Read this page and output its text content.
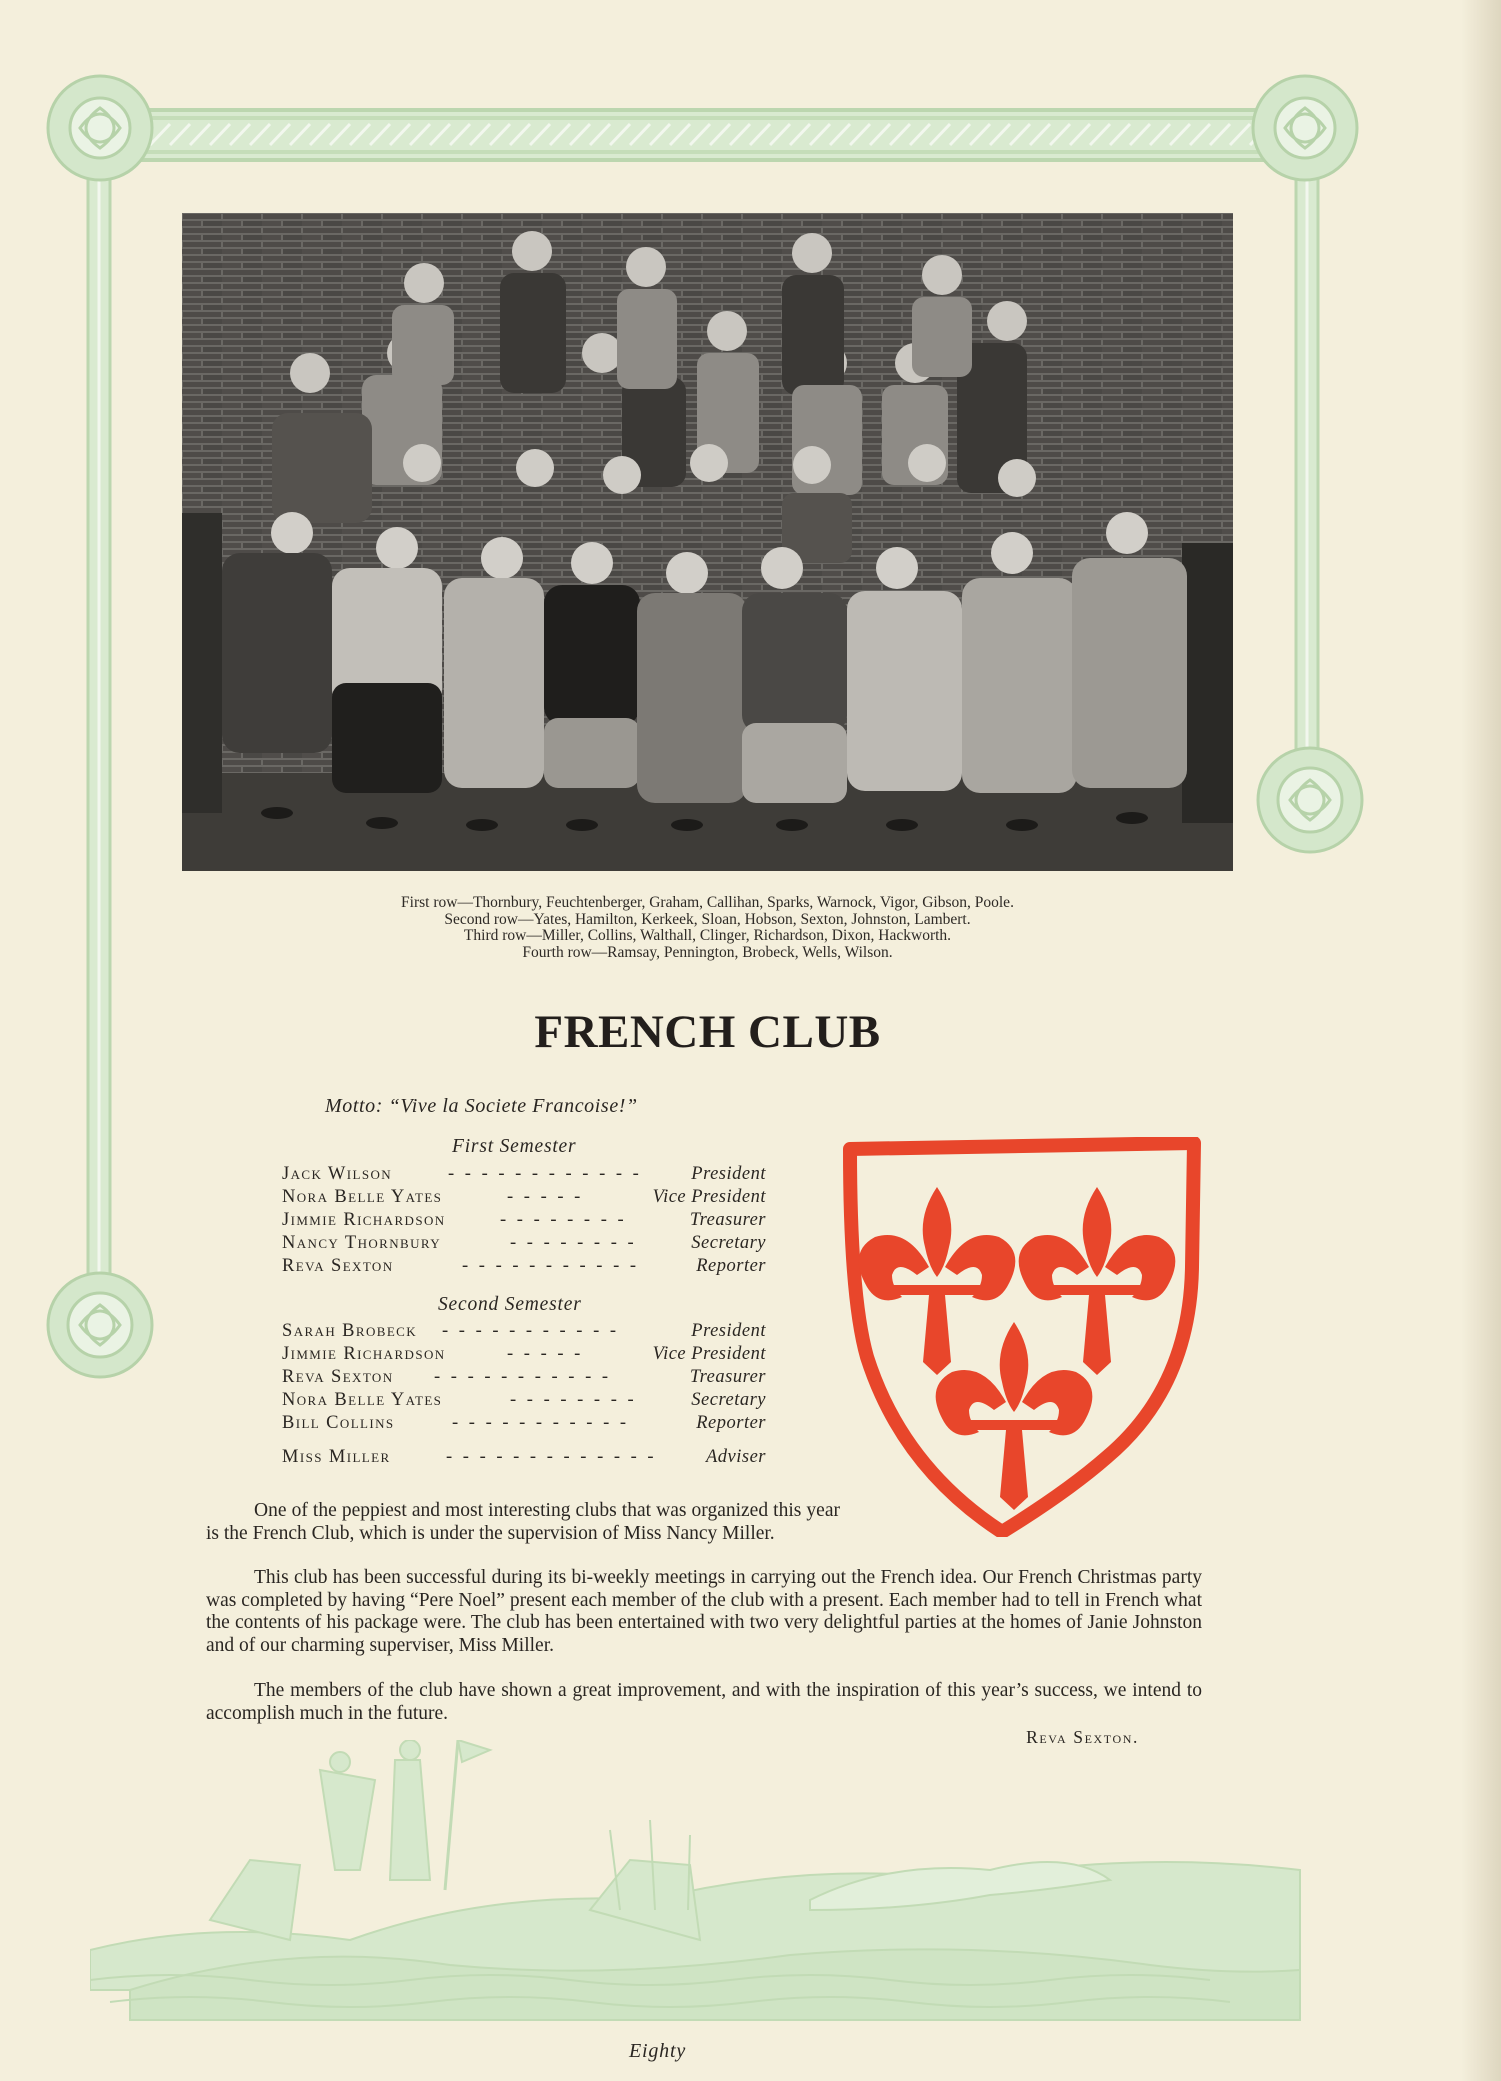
First row—Thornbury, Feuchtenberger, Graham, Callihan, Sparks, Warnock, Vigor, Gibson, Poole.
Second row—Yates, Hamilton, Kerkeek, Sloan, Hobson, Sexton, Johnston, Lambert.
Third row—Miller, Collins, Walthall, Clinger, Richardson, Dixon, Hackworth.
Fourth row—Ramsay, Pennington, Brobeck, Wells, Wilson.
FRENCH CLUB
Motto: “Vive la Societe Francoise!”
First Semester
Jack Wilson	- - - - - - - - - - - -	President
Nora Belle Yates	- - - - -	Vice President
Jimmie Richardson	- - - - - - - -	Treasurer
Nancy Thornbury	- - - - - - - -	Secretary
Reva Sexton	- - - - - - - - - - -	Reporter
Second Semester
Sarah Brobeck - - - - - - - - - - -	President
Jimmie Richardson	- - - - -	Vice President
Reva Sexton - - - - - - - - - - -	Treasurer
Nora Belle Yates	- - - - - - - -	Secretary
Bill Collins	- - - - - - - - - - -	Reporter
Miss Miller	- - - - - - - - - - - - -	Adviser
One of the peppiest and most interesting clubs that was organized this year is the French Club, which is under the supervision of Miss Nancy Miller.
This club has been successful during its bi-weekly meetings in carrying out the French idea. Our French Christmas party was completed by having “Pere Noel” present each member of the club with a present. Each member had to tell in French what the contents of his package were. The club has been entertained with two very delightful parties at the homes of Janie Johnston and of our charming superviser, Miss Miller.
The members of the club have shown a great improvement, and with the inspiration of this year’s success, we intend to accomplish much in the future.
Reva Sexton.
Eighty
